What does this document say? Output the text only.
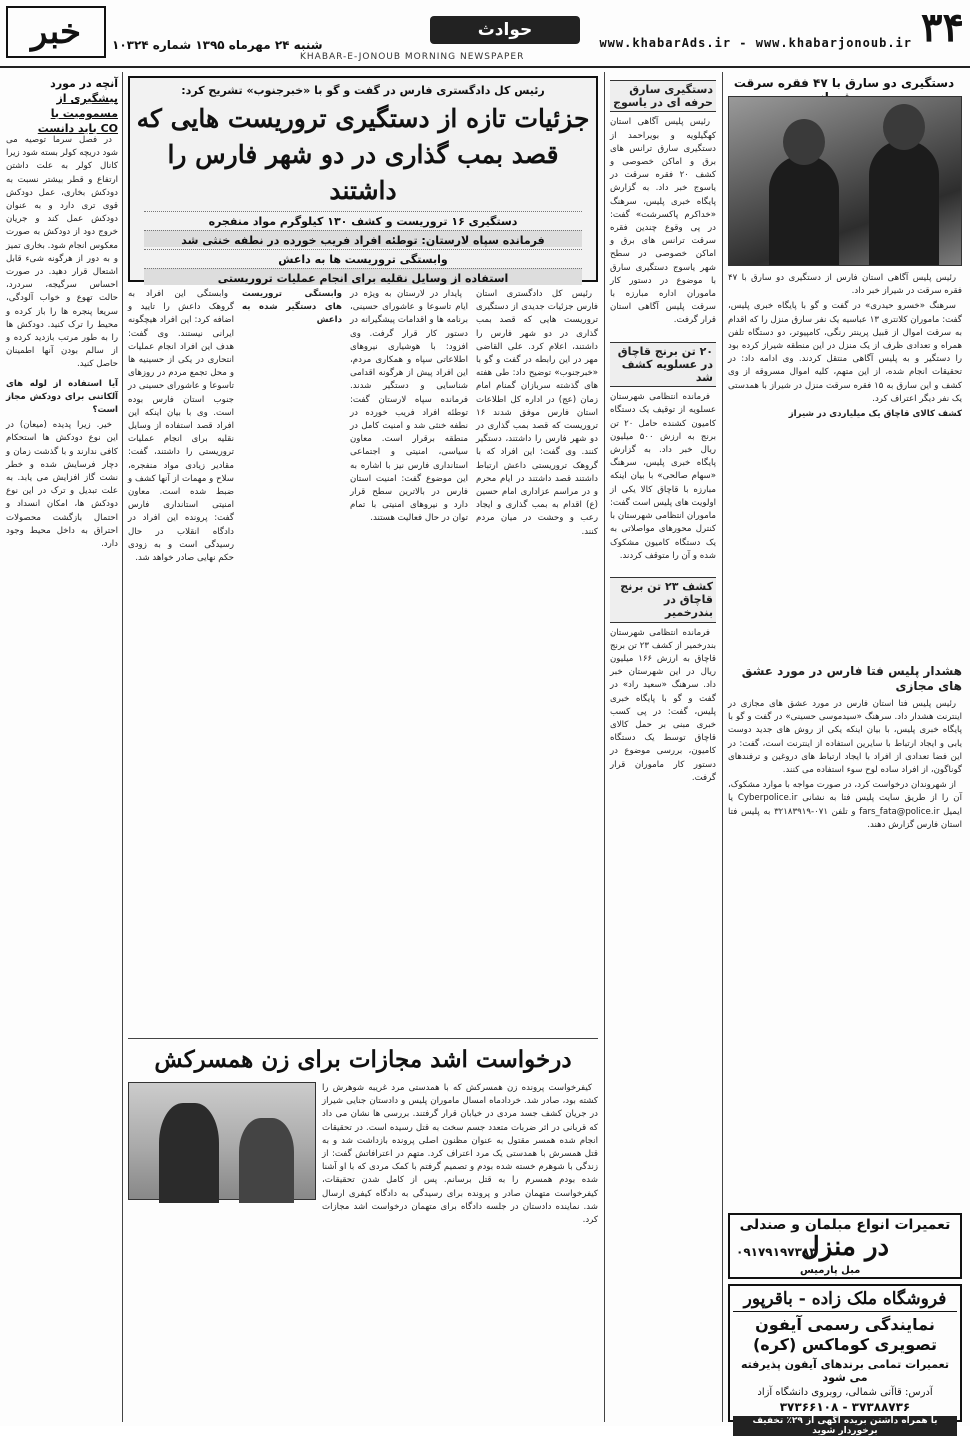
۳۴
www.khabarAds.ir - www.khabarjonoub.ir
حوادث
خبر	شنبه ۲۴ مهرماه ۱۳۹۵ شماره ۱۰۳۲۴
KHABAR-E-JONOUB MORNING NEWSPAPER
دستگیری دو سارق با ۴۷ فقره سرقت

رئیس پلیس آگاهی استان فارس از دستگیری دو سارق با ۴۷ فقره سرقت در شیراز خبر داد.

سرهنگ «خسرو حیدری» در گفت و گو با پایگاه خبری پلیس، گفت: ماموران کلانتری ۱۳ عباسیه یک نفر سارق منزل را که اقدام به سرقت اموال از قبیل پرینتر رنگی، کامپیوتر، دو دستگاه تلفن همراه و تعدادی ظرف از یک منزل در این منطقه شیراز کرده بود را دستگیر و به پلیس آگاهی منتقل کردند. وی ادامه داد: در تحقیقات انجام شده، از این متهم، کلیه اموال مسروقه از وی کشف و این سارق به ۱۵ فقره سرقت منزل در شیراز با همدستی یک نفر دیگر اعتراف کرد.

کشف کالای قاچاق یک میلیاردی در شیراز

هشدار پلیس فتا فارس در مورد عشق های مجازی

رئیس پلیس فتا استان فارس در مورد عشق های مجازی در اینترنت هشدار داد. سرهنگ «سیدموسی حسینی» در گفت و گو با پایگاه خبری پلیس، با بیان اینکه یکی از روش های جدید دوست یابی و ایجاد ارتباط با سایرین استفاده از اینترنت است، گفت: در این فضا تعدادی از افراد با ایجاد ارتباط های دروغین و ترفندهای گوناگون، از افراد ساده لوح سوء استفاده می کنند.

از شهروندان درخواست کرد، در صورت مواجه با موارد مشکوک، آن را از طریق سایت پلیس فتا به نشانی Cyberpolice.ir یا ایمیل fars_fata@police.ir و تلفن ۰۷۱-۳۲۱۸۳۹۱۹ به پلیس فتا استان فارس گزارش دهند.

تعمیرات انواع مبلمان و صندلی
در منزل
۰۹۱۷۹۱۹۷۳۸۳
مبل پارمیس
فروشگاه ملک زاده - باقرپور
نمایندگی رسمی آیفون تصویری کوماکس (کره)
تعمیرات تمامی برندهای آیفون پذیرفته می شود
آدرس: قاآنی شمالی، روبروی دانشگاه آزاد
۳۷۳۶۶۱۰۸ - ۳۷۳۸۸۷۳۶
با همراه داشتن بریده آگهی از ۲۹٪ تخفیف برخوردار شوید
دستگیری سارق
حرفه ای در یاسوج

رئیس پلیس آگاهی استان کهگیلویه و بویراحمد از دستگیری سارق ترانس های برق و اماکن خصوصی و کشف ۲۰ فقره سرقت در یاسوج خبر داد. به گزارش پایگاه خبری پلیس، سرهنگ «خداکرم پاکسرشت» گفت: در پی وقوع چندین فقره سرقت ترانس های برق و اماکن خصوصی در سطح شهر یاسوج دستگیری سارق با موضوع در دستور کار ماموران اداره مبارزه با سرقت پلیس آگاهی استان قرار گرفت.

۲۰ تن برنج قاچاق
در عسلویه کشف شد

فرمانده انتظامی شهرستان عسلویه از توقیف یک دستگاه کامیون کشنده حامل ۲۰ تن برنج به ارزش ۵۰۰ میلیون ریال خبر داد. به گزارش پایگاه خبری پلیس، سرهنگ «سهام صالحی» با بیان اینکه مبارزه با قاچاق کالا یکی از اولویت های پلیس است گفت: ماموران انتظامی شهرستان با کنترل محورهای مواصلاتی به یک دستگاه کامیون مشکوک شده و آن را متوقف کردند.

کشف ۲۳ تن برنج
قاچاق در بندرخمیر

فرمانده انتظامی شهرستان بندرخمیر از کشف ۲۳ تن برنج قاچاق به ارزش ۱۶۶ میلیون ریال در این شهرستان خبر داد. سرهنگ «سعید راد» در گفت و گو با پایگاه خبری پلیس، گفت: در پی کسب خبری مبنی بر حمل کالای قاچاق توسط یک دستگاه کامیون، بررسی موضوع در دستور کار ماموران قرار گرفت.

رئیس کل دادگستری فارس در گفت و گو با «خبرجنوب» تشریح کرد:
جزئیات تازه از دستگیری تروریست هایی که قصد بمب گذاری در دو شهر فارس را داشتند
دستگیری ۱۶ تروریست و کشف ۱۳۰ کیلوگرم مواد منفجره
فرمانده سپاه لارستان: توطئه افراد فریب خورده در نطفه خنثی شد
وابستگی تروریست ها به داعش
استفاده از وسایل نقلیه برای انجام عملیات تروریستی

رئیس کل دادگستری استان فارس جزئیات جدیدی از دستگیری تروریست هایی که قصد بمب گذاری در دو شهر فارس را داشتند، اعلام کرد. علی القاضی مهر در این رابطه در گفت و گو با «خبرجنوب» توضیح داد: طی هفته های گذشته سربازان گمنام امام زمان (عج) در اداره کل اطلاعات استان فارس موفق شدند ۱۶ تروریست که قصد بمب گذاری در دو شهر فارس را داشتند، دستگیر کنند. وی گفت: این افراد که با گروهک تروریستی داعش ارتباط داشتند قصد داشتند در ایام محرم و در مراسم عزاداری امام حسین (ع) اقدام به بمب گذاری و ایجاد رعب و وحشت در میان مردم کنند.

پایدار در لارستان به ویژه در ایام تاسوعا و عاشورای حسینی، برنامه ها و اقدامات پیشگیرانه در دستور کار قرار گرفت. وی افزود: با هوشیاری نیروهای اطلاعاتی سپاه و همکاری مردم، این افراد پیش از هرگونه اقدامی شناسایی و دستگیر شدند. فرمانده سپاه لارستان گفت: توطئه افراد فریب خورده در نطفه خنثی شد و امنیت کامل در منطقه برقرار است. معاون سیاسی، امنیتی و اجتماعی استانداری فارس نیز با اشاره به این موضوع گفت: امنیت استان فارس در بالاترین سطح قرار دارد و نیروهای امنیتی با تمام توان در حال فعالیت هستند.

وابستگی تروریست های دستگیر شده به داعش

وابستگی این افراد به گروهک داعش را تایید و اضافه کرد: این افراد هیچگونه ایرانی نیستند. وی گفت: هدف این افراد انجام عملیات انتحاری در یکی از حسینیه ها و محل تجمع مردم در روزهای تاسوعا و عاشورای حسینی در جنوب استان فارس بوده است. وی با بیان اینکه این افراد قصد استفاده از وسایل نقلیه برای انجام عملیات تروریستی را داشتند، گفت: مقادیر زیادی مواد منفجره، سلاح و مهمات از آنها کشف و ضبط شده است. معاون امنیتی استانداری فارس گفت: پرونده این افراد در دادگاه انقلاب در حال رسیدگی است و به زودی حکم نهایی صادر خواهد شد.

درخواست اشد مجازات برای زن همسرکش

کیفرخواست پرونده زن همسرکش که با همدستی مرد غریبه شوهرش را کشته بود، صادر شد. خردادماه امسال ماموران پلیس و دادستان جنایی شیراز در جریان کشف جسد مردی در خیابان قرار گرفتند. بررسی ها نشان می داد که قربانی در اثر ضربات متعدد جسم سخت به قتل رسیده است. در تحقیقات انجام شده همسر مقتول به عنوان مظنون اصلی پرونده بازداشت شد و به قتل همسرش با همدستی یک مرد اعتراف کرد. متهم در اعترافاتش گفت: از زندگی با شوهرم خسته شده بودم و تصمیم گرفتم با کمک مردی که با او آشنا شده بودم همسرم را به قتل برسانم. پس از کامل شدن تحقیقات، کیفرخواست متهمان صادر و پرونده برای رسیدگی به دادگاه کیفری ارسال شد. نماینده دادستان در جلسه دادگاه برای متهمان درخواست اشد مجازات کرد.

آنچه در مورد
پیشگیری از مسمومیت با
CO باید دانست

در فصل سرما توصیه می شود دریچه کولر بسته شود زیرا کانال کولر به علت داشتن ارتفاع و قطر بیشتر نسبت به دودکش بخاری، عمل دودکش قوی تری دارد و به عنوان دودکش عمل کند و جریان خروج دود از دودکش به صورت معکوس انجام شود. بخاری تمیز و به دور از هرگونه شیء قابل اشتعال قرار دهید. در صورت احساس سرگیجه، سردرد، حالت تهوع و خواب آلودگی، سریعا پنجره ها را باز کرده و محیط را ترک کنید. دودکش ها را به طور مرتب بازدید کرده و از سالم بودن آنها اطمینان حاصل کنید.

آیا استفاده از لوله های آلکاتنی برای دودکش مجاز است؟

خیر. زیرا پدیده (میعان) در این نوع دودکش ها استحکام کافی ندارند و با گذشت زمان و دچار فرسایش شده و خطر نشت گاز افزایش می یابد. به علت تبدیل و ترک در این نوع دودکش ها، امکان انسداد و احتمال بازگشت محصولات احتراق به داخل محیط وجود دارد.
